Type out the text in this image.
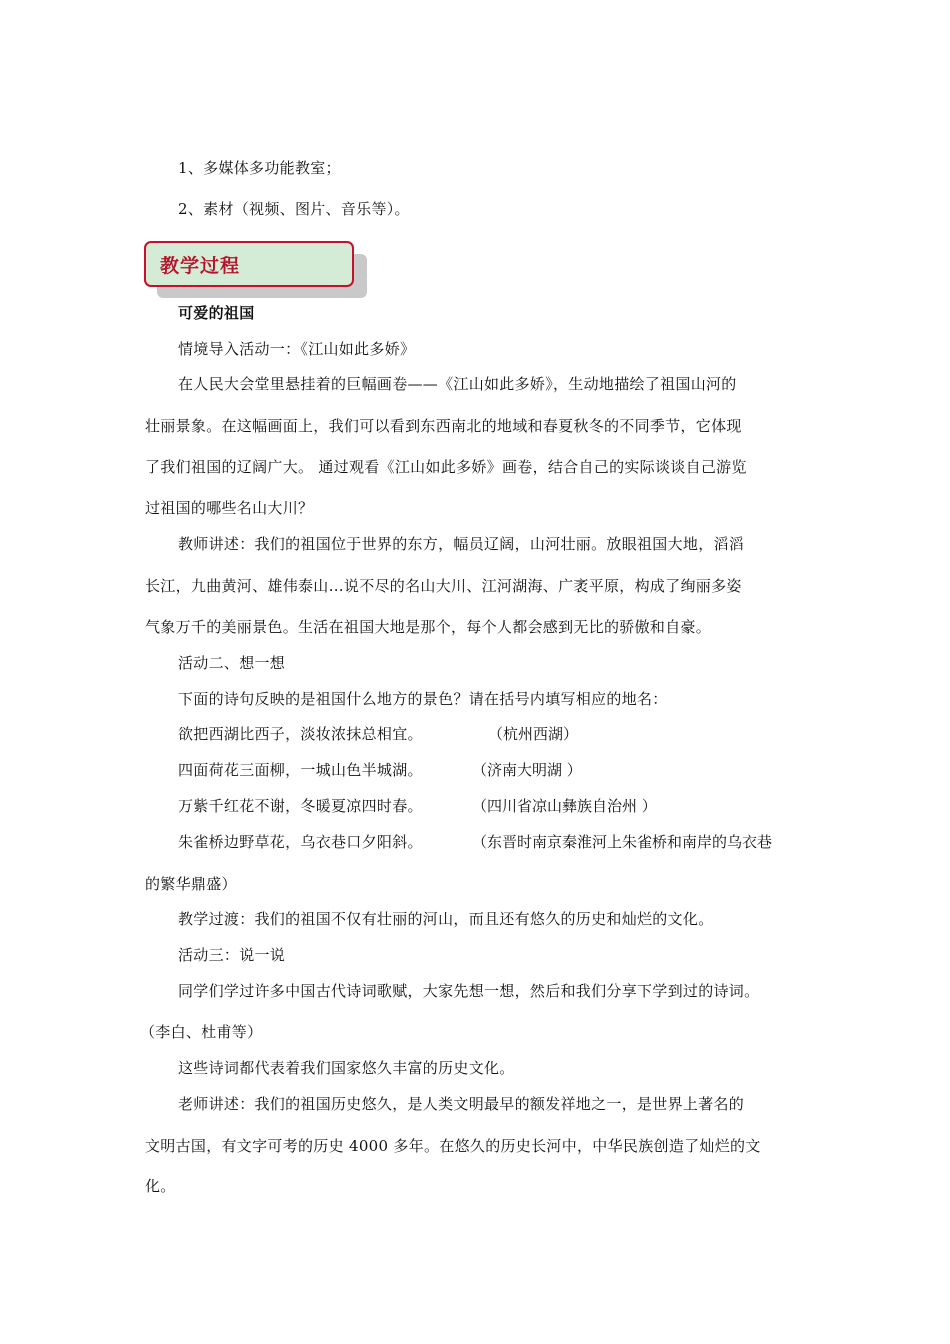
1、多媒体多功能教室；
2、素材（视频、图片、音乐等）。
教学过程
可爱的祖国
情境导入活动一：《江山如此多娇》
在人民大会堂里悬挂着的巨幅画卷——《江山如此多娇》，生动地描绘了祖国山河的
壮丽景象。在这幅画面上，我们可以看到东西南北的地域和春夏秋冬的不同季节，它体现
了我们祖国的辽阔广大。 通过观看《江山如此多娇》画卷，结合自己的实际谈谈自己游览
过祖国的哪些名山大川？
教师讲述：我们的祖国位于世界的东方，幅员辽阔，山河壮丽。放眼祖国大地，滔滔
长江，九曲黄河、雄伟泰山…说不尽的名山大川、江河湖海、广袤平原，构成了绚丽多姿
气象万千的美丽景色。生活在祖国大地是那个，每个人都会感到无比的骄傲和自豪。
活动二、想一想
下面的诗句反映的是祖国什么地方的景色？请在括号内填写相应的地名：
欲把西湖比西子，淡妆浓抹总相宜。	（杭州西湖）
四面荷花三面柳，一城山色半城湖。	（济南大明湖 ）
万紫千红花不谢，冬暖夏凉四时春。	（四川省凉山彝族自治州 ）
朱雀桥边野草花，乌衣巷口夕阳斜。	（东晋时南京秦淮河上朱雀桥和南岸的乌衣巷
的繁华鼎盛）
教学过渡：我们的祖国不仅有壮丽的河山，而且还有悠久的历史和灿烂的文化。
活动三：说一说
同学们学过许多中国古代诗词歌赋，大家先想一想，然后和我们分享下学到过的诗词。
（李白、杜甫等）
这些诗词都代表着我们国家悠久丰富的历史文化。
老师讲述：我们的祖国历史悠久，是人类文明最早的额发祥地之一，是世界上著名的
文明古国，有文字可考的历史 4000 多年。在悠久的历史长河中，中华民族创造了灿烂的文
化。
